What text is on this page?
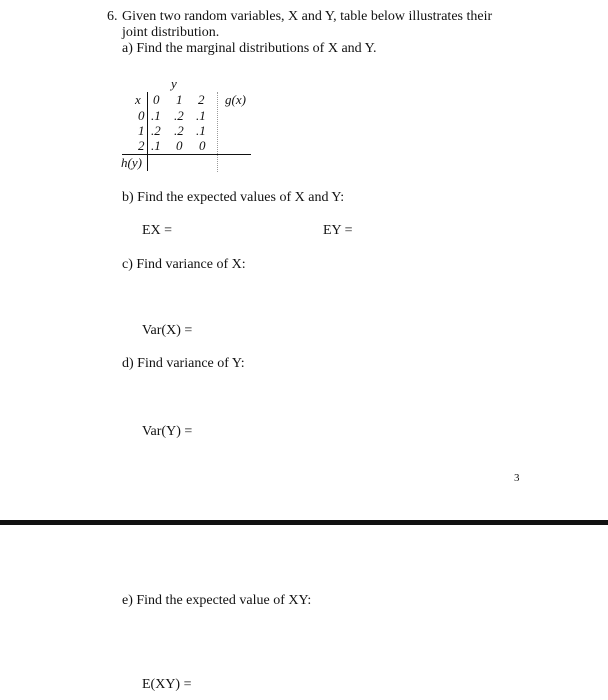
6. Given two random variables, X and Y, table below illustrates their
joint distribution.
a) Find the marginal distributions of X and Y.
y
x 0 1 2 g(x)
0 .1 .2 .1
1 .2 .2 .1
2 .1 0 0
h(y)
b) Find the expected values of X and Y:
EX =	EY =
c) Find variance of X:
Var(X) =
d) Find variance of Y:
Var(Y) =
3
e) Find the expected value of XY:
E(XY) =
